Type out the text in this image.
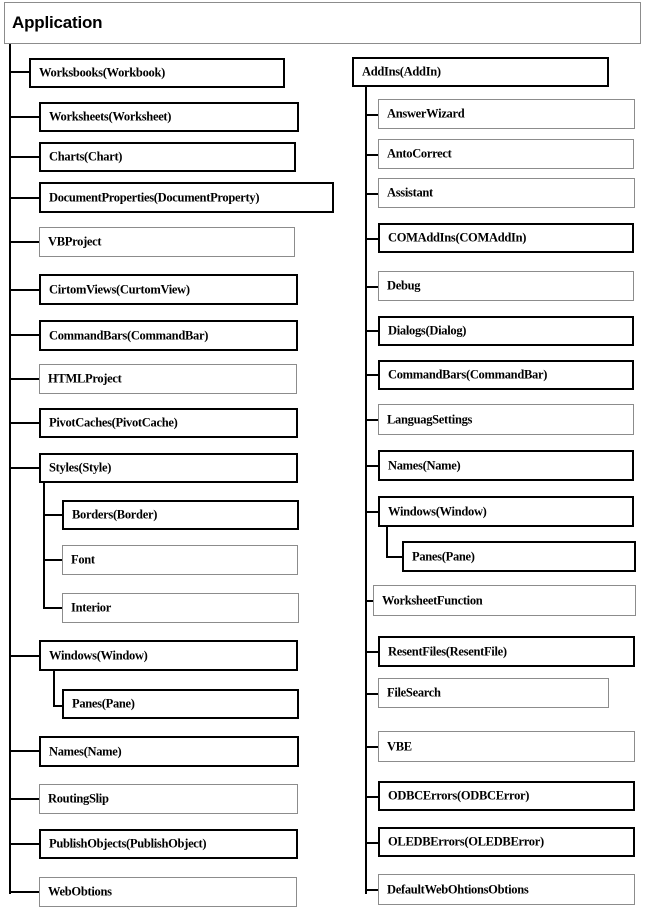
Application
Worksbooks(Workbook)
Worksheets(Worksheet)
Charts(Chart)
DocumentProperties(DocumentProperty)
VBProject
CirtomViews(CurtomView)
CommandBars(CommandBar)
HTMLProject
PivotCaches(PivotCache)
Styles(Style)
Borders(Border)
Font
Interior
Windows(Window)
Panes(Pane)
Names(Name)
RoutingSlip
PublishObjects(PublishObject)
WebObtions
AddIns(AddIn)
AnswerWizard
AntoCorrect
Assistant
COMAddIns(COMAddIn)
Debug
Dialogs(Dialog)
CommandBars(CommandBar)
LanguagSettings
Names(Name)
Windows(Window)
Panes(Pane)
WorksheetFunction
ResentFiles(ResentFile)
FileSearch
VBE
ODBCErrors(ODBCError)
OLEDBErrors(OLEDBError)
DefaultWebOhtionsObtions
